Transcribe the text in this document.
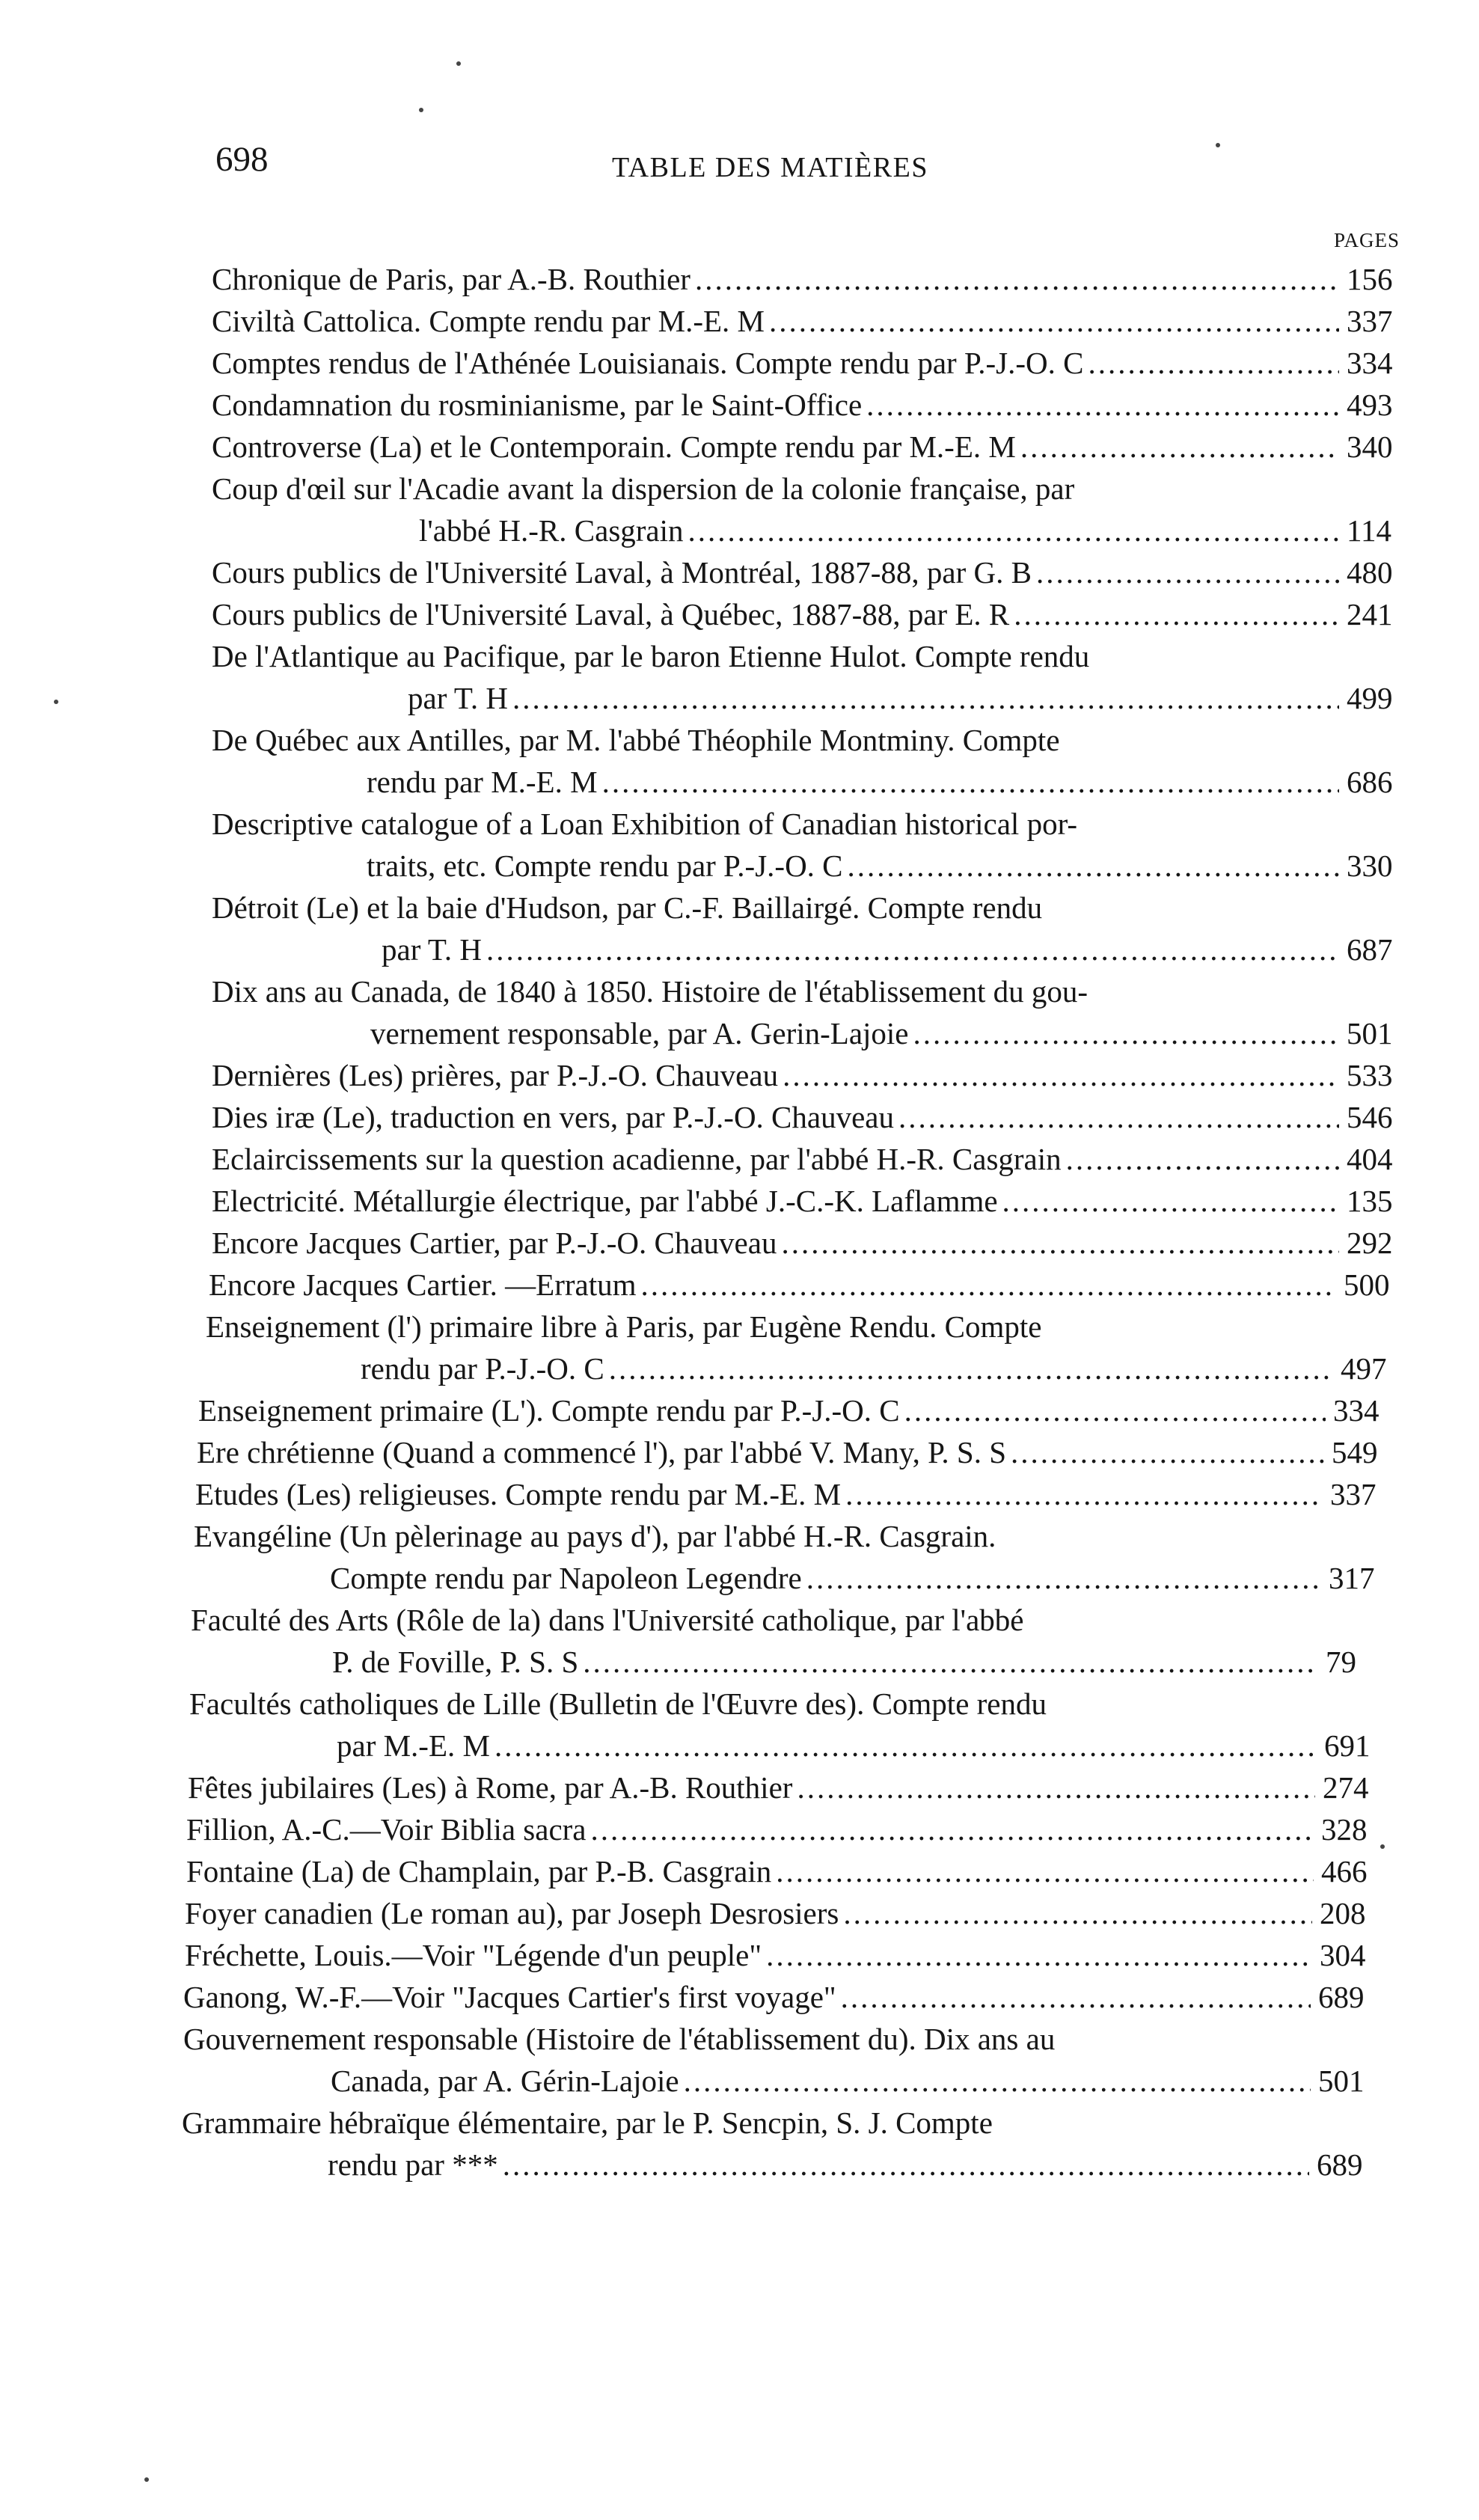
698	TABLE DES MATIÈRES
PAGES
Chronique de Paris, par A.-B. Routhier .....	156
Civiltà Cattolica. Compte rendu par M.-E. M .....	337
Comptes rendus de l'Athénée Louisianais. Compte rendu par P.-J.-O. C .....	334
Condamnation du rosminianisme, par le Saint-Office .....	493
Controverse (La) et le Contemporain. Compte rendu par M.-E. M .....	340
Coup d'œil sur l'Acadie avant la dispersion de la colonie française, par
l'abbé H.-R. Casgrain .....	114
Cours publics de l'Université Laval, à Montréal, 1887-88, par G. B .....	480
Cours publics de l'Université Laval, à Québec, 1887-88, par E. R .....	241
De l'Atlantique au Pacifique, par le baron Etienne Hulot. Compte rendu
par T. H .....	499
De Québec aux Antilles, par M. l'abbé Théophile Montminy. Compte
rendu par M.-E. M .....	686
Descriptive catalogue of a Loan Exhibition of Canadian historical por-
traits, etc. Compte rendu par P.-J.-O. C .....	330
Détroit (Le) et la baie d'Hudson, par C.-F. Baillairgé. Compte rendu
par T. H .....	687
Dix ans au Canada, de 1840 à 1850. Histoire de l'établissement du gou-
vernement responsable, par A. Gerin-Lajoie .....	501
Dernières (Les) prières, par P.-J.-O. Chauveau .....	533
Dies iræ (Le), traduction en vers, par P.-J.-O. Chauveau .....	546
Eclaircissements sur la question acadienne, par l'abbé H.-R. Casgrain .....	404
Electricité. Métallurgie électrique, par l'abbé J.-C.-K. Laflamme .....	135
Encore Jacques Cartier, par P.-J.-O. Chauveau .....	292
Encore Jacques Cartier. —Erratum .....	500
Enseignement (l') primaire libre à Paris, par Eugène Rendu. Compte
rendu par P.-J.-O. C .....	497
Enseignement primaire (L'). Compte rendu par P.-J.-O. C .....	334
Ere chrétienne (Quand a commencé l'), par l'abbé V. Many, P. S. S .....	549
Etudes (Les) religieuses. Compte rendu par M.-E. M .....	337
Evangéline (Un pèlerinage au pays d'), par l'abbé H.-R. Casgrain.
Compte rendu par Napoleon Legendre .....	317
Faculté des Arts (Rôle de la) dans l'Université catholique, par l'abbé
P. de Foville, P. S. S .....	79
Facultés catholiques de Lille (Bulletin de l'Œuvre des). Compte rendu
par M.-E. M .....	691
Fêtes jubilaires (Les) à Rome, par A.-B. Routhier .....	274
Fillion, A.-C.—Voir Biblia sacra .....	328
Fontaine (La) de Champlain, par P.-B. Casgrain .....	466
Foyer canadien (Le roman au), par Joseph Desrosiers .....	208
Fréchette, Louis.—Voir "Légende d'un peuple" .....	304
Ganong, W.-F.—Voir "Jacques Cartier's first voyage" .....	689
Gouvernement responsable (Histoire de l'établissement du). Dix ans au
Canada, par A. Gérin-Lajoie .....	501
Grammaire hébraïque élémentaire, par le P. Sencpin, S. J. Compte
rendu par *** .....	689
